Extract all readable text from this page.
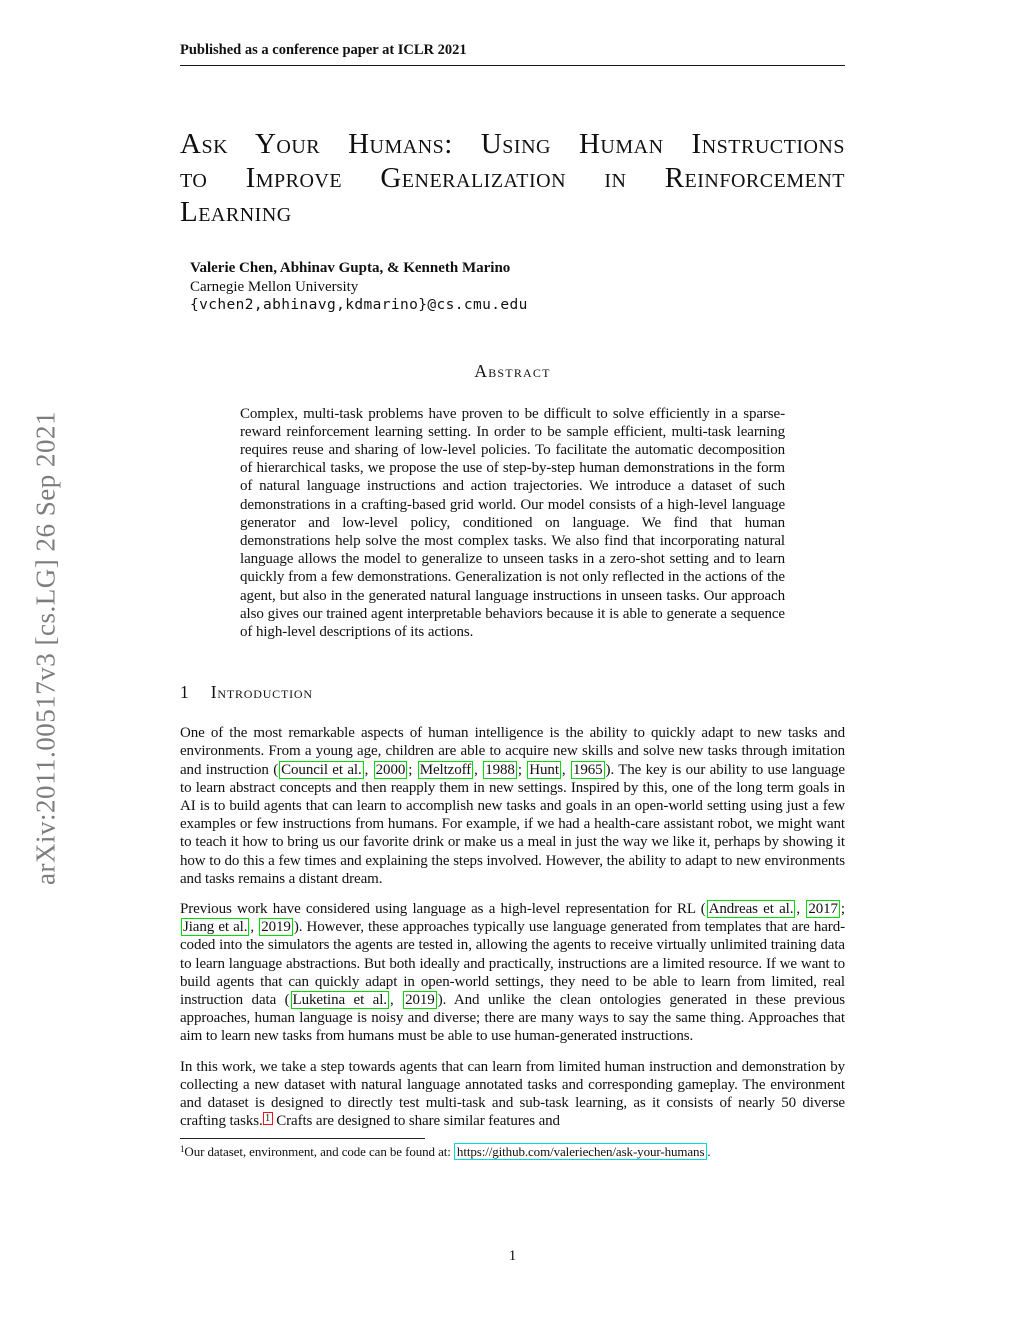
arXiv:2011.00517v3 [cs.LG] 26 Sep 2021
Published as a conference paper at ICLR 2021
Ask Your Humans: Using Human Instructions
to Improve Generalization in Reinforcement
Learning
Valerie Chen, Abhinav Gupta, & Kenneth Marino
Carnegie Mellon University
{vchen2,abhinavg,kdmarino}@cs.cmu.edu
Abstract
Complex, multi-task problems have proven to be difficult to solve efficiently in a sparse-reward reinforcement learning setting. In order to be sample efficient, multi-task learning requires reuse and sharing of low-level policies. To facilitate the automatic decomposition of hierarchical tasks, we propose the use of step-by-step human demonstrations in the form of natural language instructions and action trajectories. We introduce a dataset of such demonstrations in a crafting-based grid world. Our model consists of a high-level language generator and low-level policy, conditioned on language. We find that human demonstrations help solve the most complex tasks. We also find that incorporating natural language allows the model to generalize to unseen tasks in a zero-shot setting and to learn quickly from a few demonstrations. Generalization is not only reflected in the actions of the agent, but also in the generated natural language instructions in unseen tasks. Our approach also gives our trained agent interpretable behaviors because it is able to generate a sequence of high-level descriptions of its actions.
1 Introduction
One of the most remarkable aspects of human intelligence is the ability to quickly adapt to new tasks and environments. From a young age, children are able to acquire new skills and solve new tasks through imitation and instruction ( Council et al. , 2000 ; Meltzoff , 1988 ; Hunt , 1965 ). The key is our ability to use language to learn abstract concepts and then reapply them in new settings. Inspired by this, one of the long term goals in AI is to build agents that can learn to accomplish new tasks and goals in an open-world setting using just a few examples or few instructions from humans. For example, if we had a health-care assistant robot, we might want to teach it how to bring us our favorite drink or make us a meal in just the way we like it, perhaps by showing it how to do this a few times and explaining the steps involved. However, the ability to adapt to new environments and tasks remains a distant dream.
Previous work have considered using language as a high-level representation for RL ( Andreas et al. , 2017 ; Jiang et al. , 2019 ). However, these approaches typically use language generated from templates that are hard-coded into the simulators the agents are tested in, allowing the agents to receive virtually unlimited training data to learn language abstractions. But both ideally and practically, instructions are a limited resource. If we want to build agents that can quickly adapt in open-world settings, they need to be able to learn from limited, real instruction data ( Luketina et al. , 2019 ). And unlike the clean ontologies generated in these previous approaches, human language is noisy and diverse; there are many ways to say the same thing. Approaches that aim to learn new tasks from humans must be able to use human-generated instructions.
In this work, we take a step towards agents that can learn from limited human instruction and demonstration by collecting a new dataset with natural language annotated tasks and corresponding gameplay. The environment and dataset is designed to directly test multi-task and sub-task learning, as it consists of nearly 50 diverse crafting tasks. $^1$ Crafts are designed to share similar features and
$^1$Our dataset, environment, and code can be found at: https://github.com/valeriechen/ask-your-humans .
1
